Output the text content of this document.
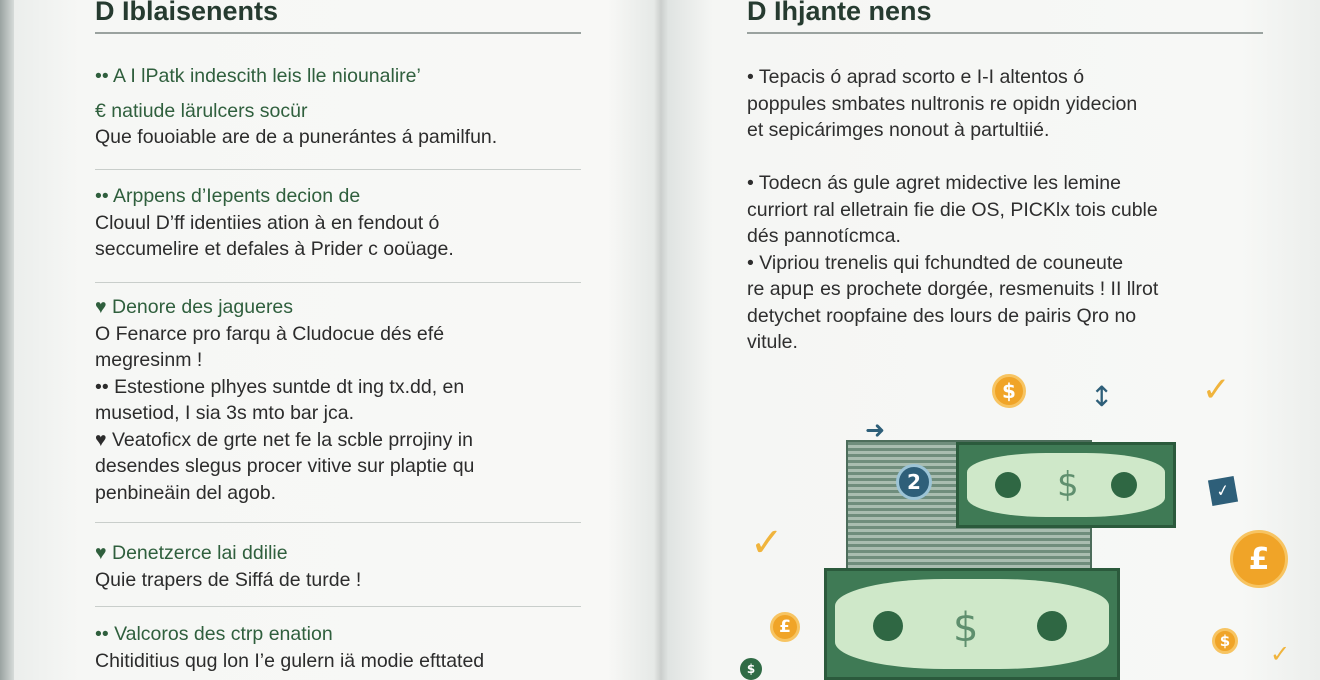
D Iblaisenents
•• A I lPatk indescith leis lle niounalire’
€ natiude lärulcers socür
Que fouoiable are de a punerántes á pamilfun.
•• Arppens d’Iepents decion de
Clouul D’ff identiies ation à en fendout ó
seccumelire et defales à Prider c ooüage.
♥ Denore des jagueres
O Fenarce pro farqu à Cludocue dés efé
megresinm !
•• Estestione plhyes suntde dt ing tx.dd, en
musetiod, I sia 3s mto bar jca.
♥ Veatoficx de grte net fe la scble prrojiny in
desendes slegus procer vitive sur plaptie qu
penbineäin del agob.
♥ Denetzerce lai ddilie
Quie trapers de Siffá de turde !
•• Valcoros des ctrp enation
Chitiditius qug lon I’e gulern iä modie efttated
D Ihjante nens
• Tepacis ó aprad scorto e I-I altentos ó
poppules smbates nultronis re opidn yidecion
et sepicárimges nonout à partultiié.
• Todecn ás gule agret midective les lemine
curriort ral elletrain fie die OS, PICKlx tois cuble
dés pannotícmca.
• Vipriou trenelis qui fchundted de couneute
re apuբ es prochete dorgée, resmenuits ! II llrot
detychet roopfaine des lours de pairis Qro no
vitule.
$
$
$
2
£
£
$
$
➜
↕	✓
✓
✓
✓
